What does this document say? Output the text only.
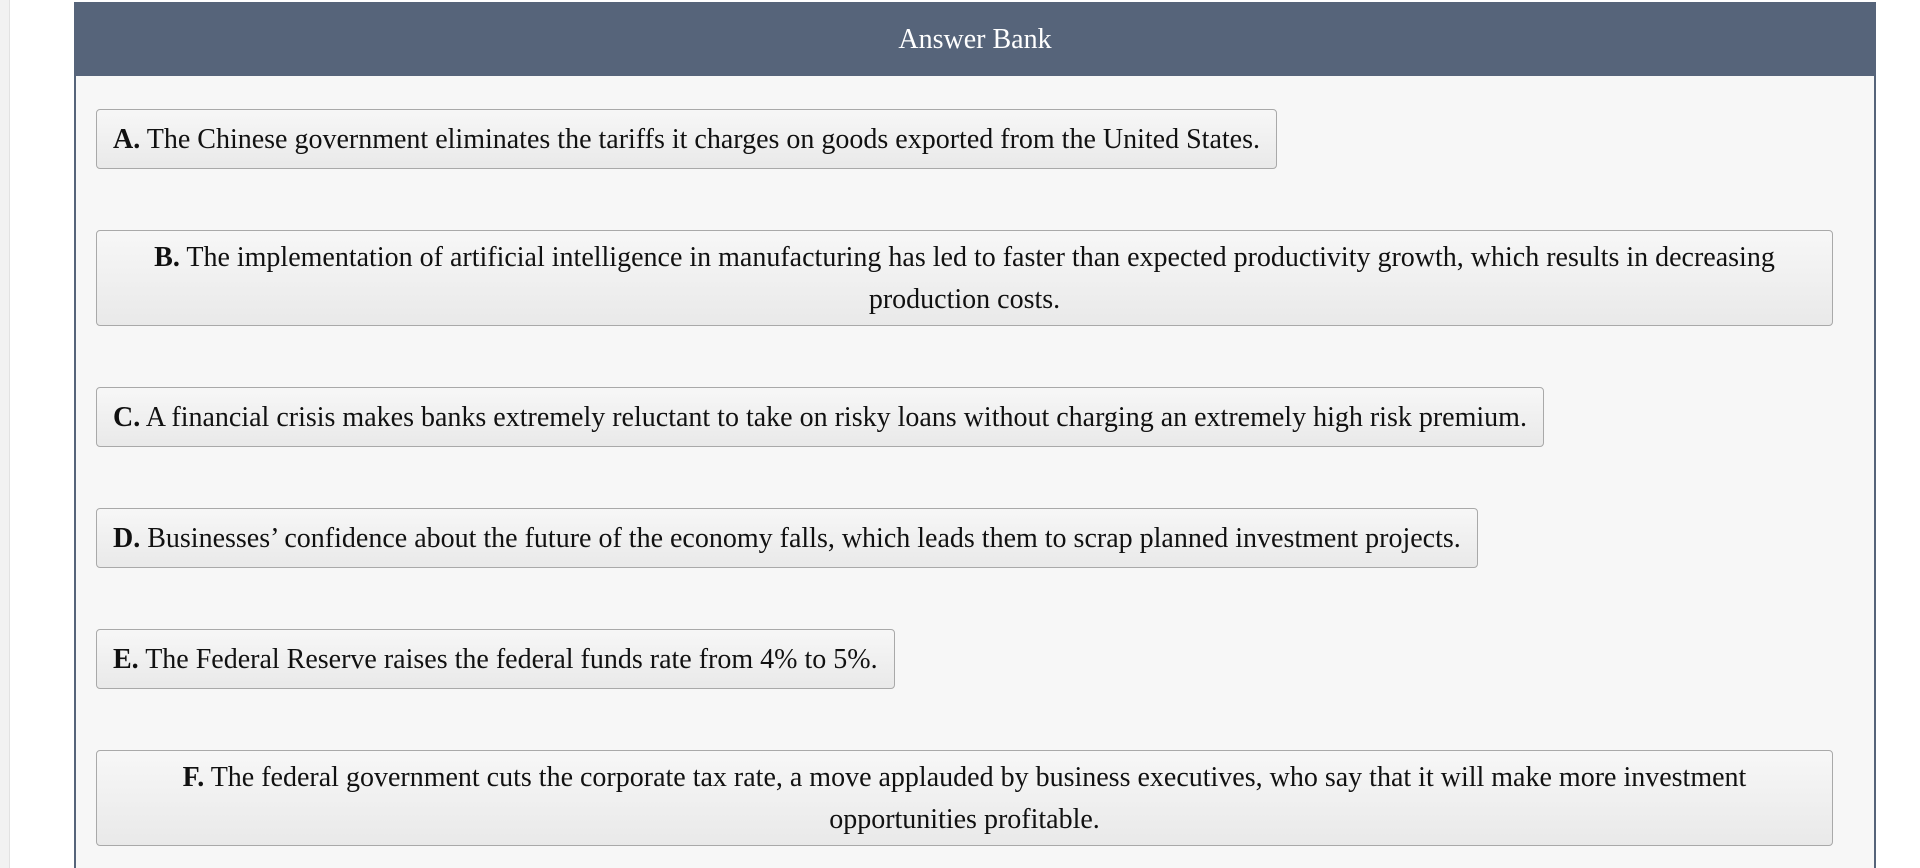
Answer Bank
A. The Chinese government eliminates the tariffs it charges on goods exported from the United States.
B. The implementation of artificial intelligence in manufacturing has led to faster than expected productivity growth, which results in decreasing production costs.
C. A financial crisis makes banks extremely reluctant to take on risky loans without charging an extremely high risk premium.
D. Businesses’ confidence about the future of the economy falls, which leads them to scrap planned investment projects.
E. The Federal Reserve raises the federal funds rate from 4% to 5%.
F. The federal government cuts the corporate tax rate, a move applauded by business executives, who say that it will make more investment opportunities profitable.
